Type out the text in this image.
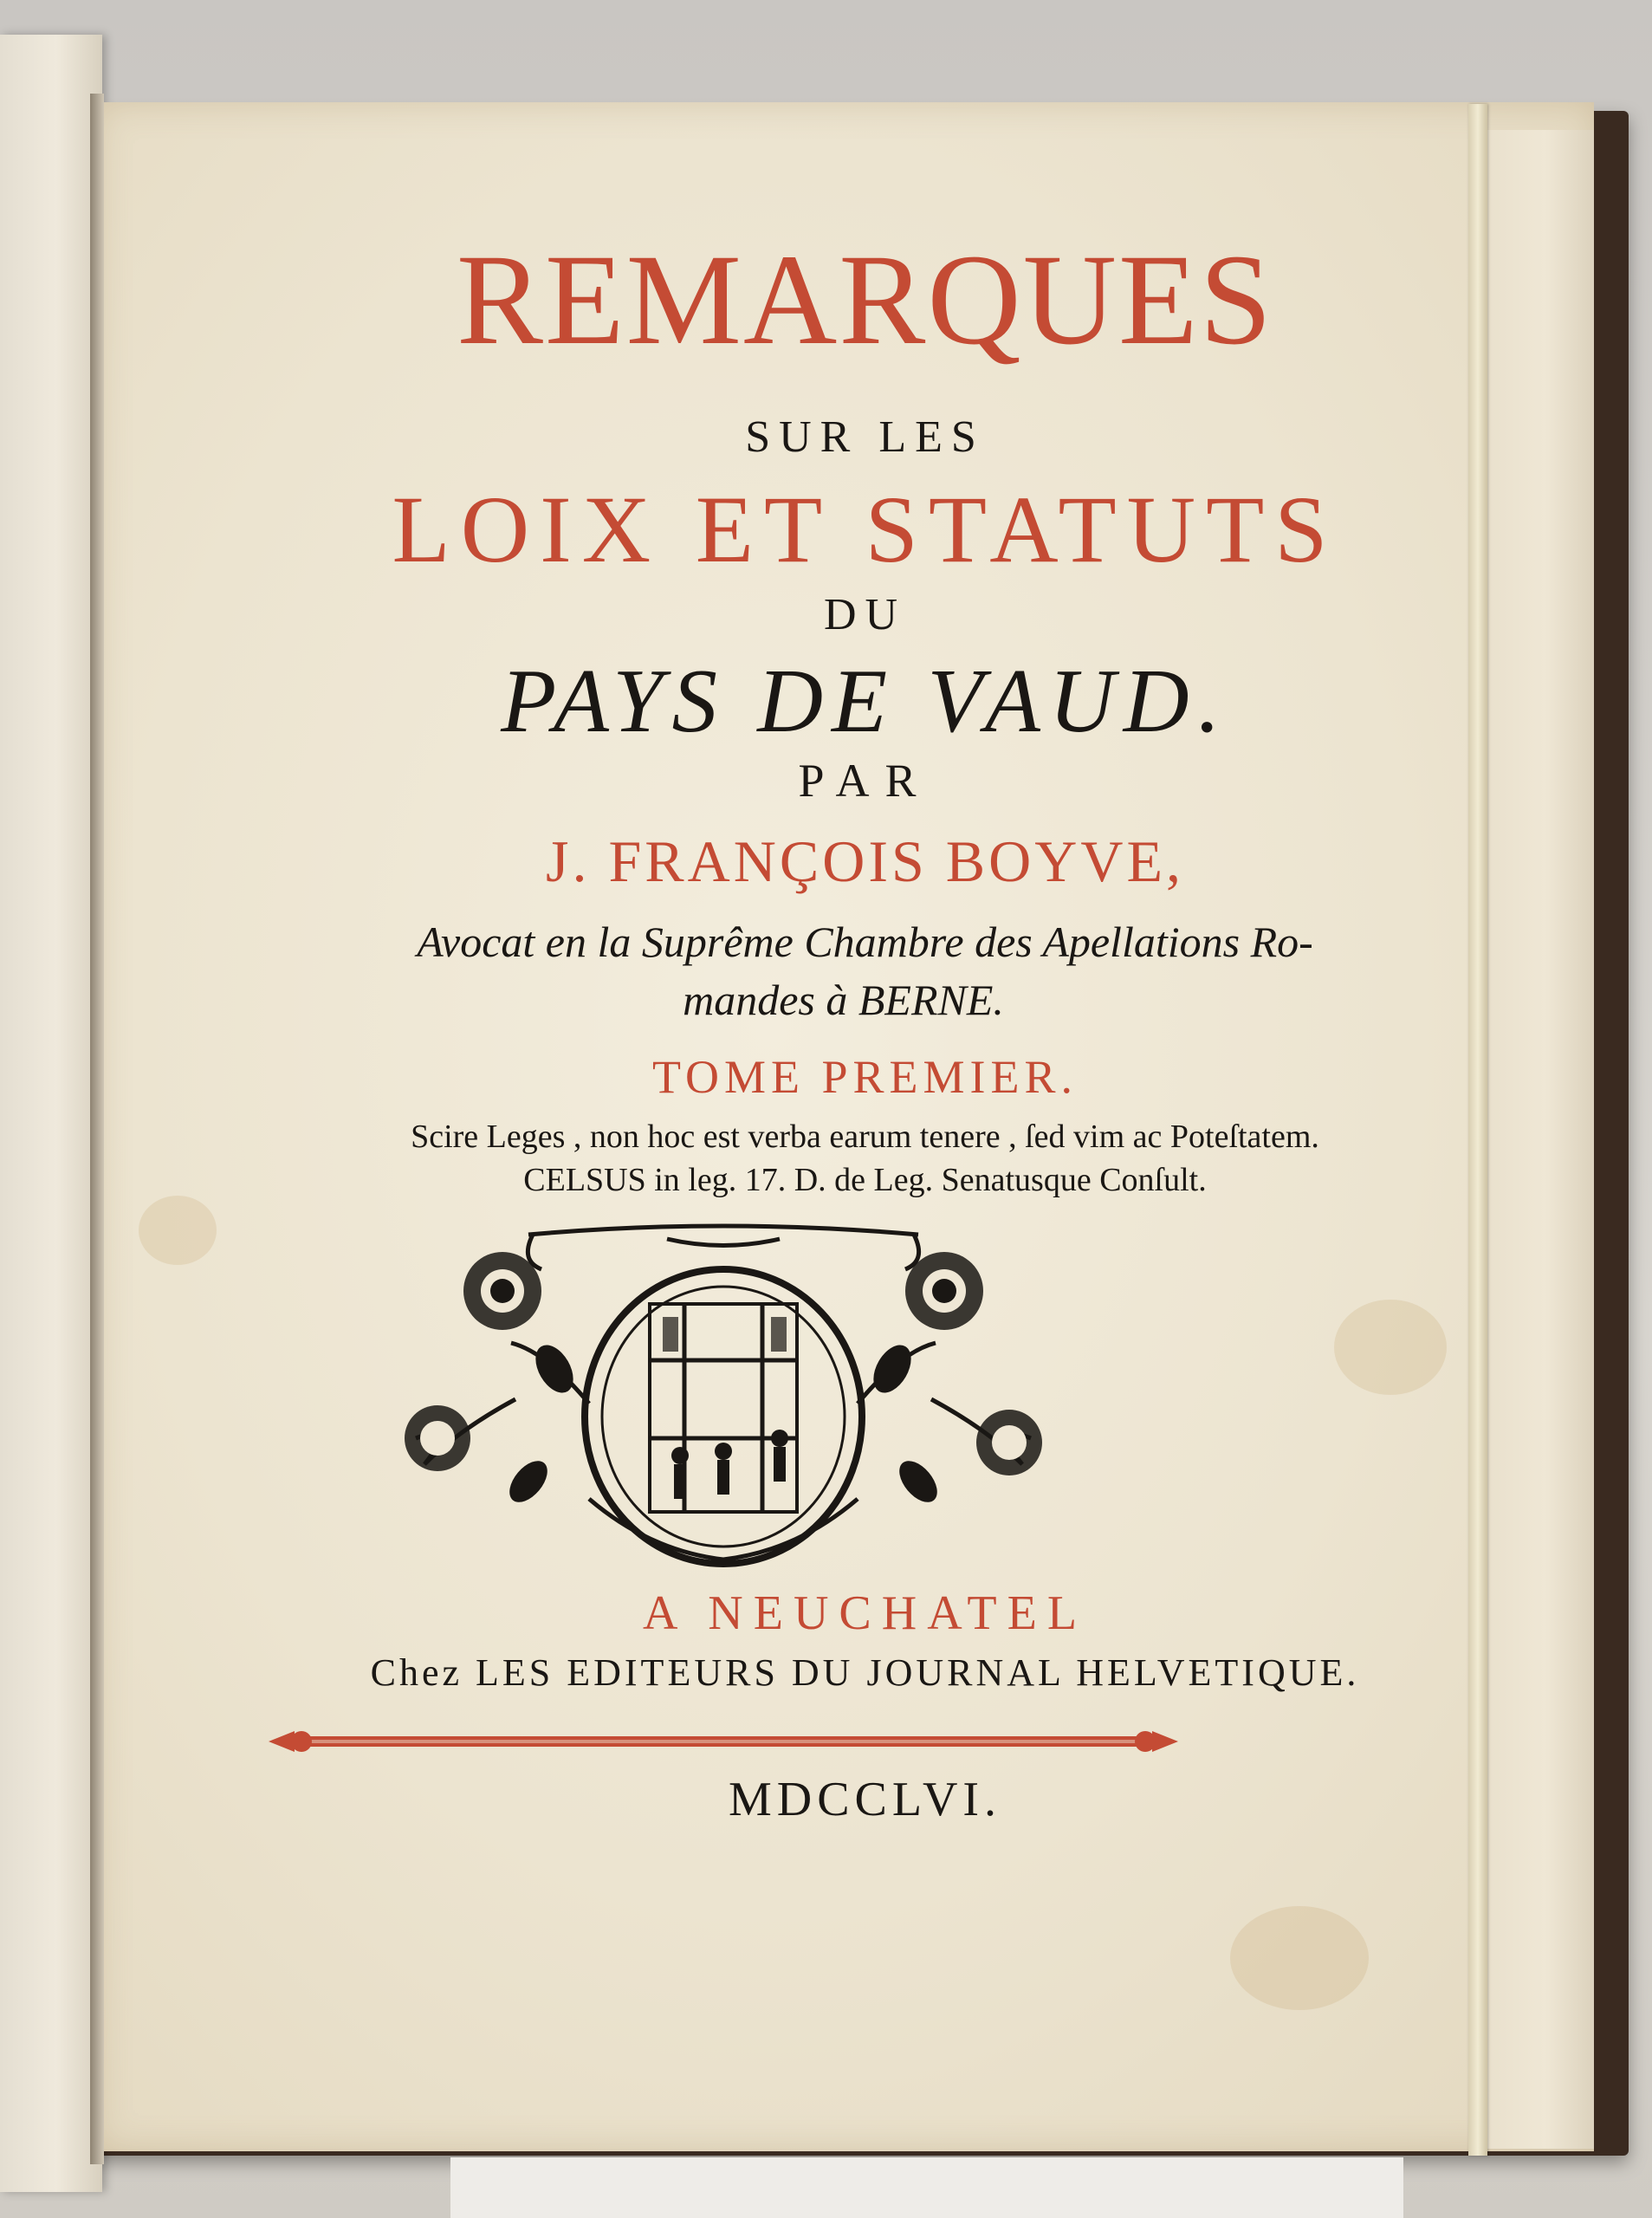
REMARQUES
SUR LES
LOIX ET STATUTS
DU
PAYS DE VAUD.
PAR
J. FRANÇOIS BOYVE,
Avocat en la Suprême Chambre des Apellations Ro-
mandes à BERNE.
TOME PREMIER.
Scire Leges , non hoc est verba earum tenere , ſed vim ac Poteſtatem.
CELSUS in leg. 17. D. de Leg. Senatusque Conſult.
A NEUCHATEL
Chez LES EDITEURS DU JOURNAL HELVETIQUE.
MDCCLVI.
